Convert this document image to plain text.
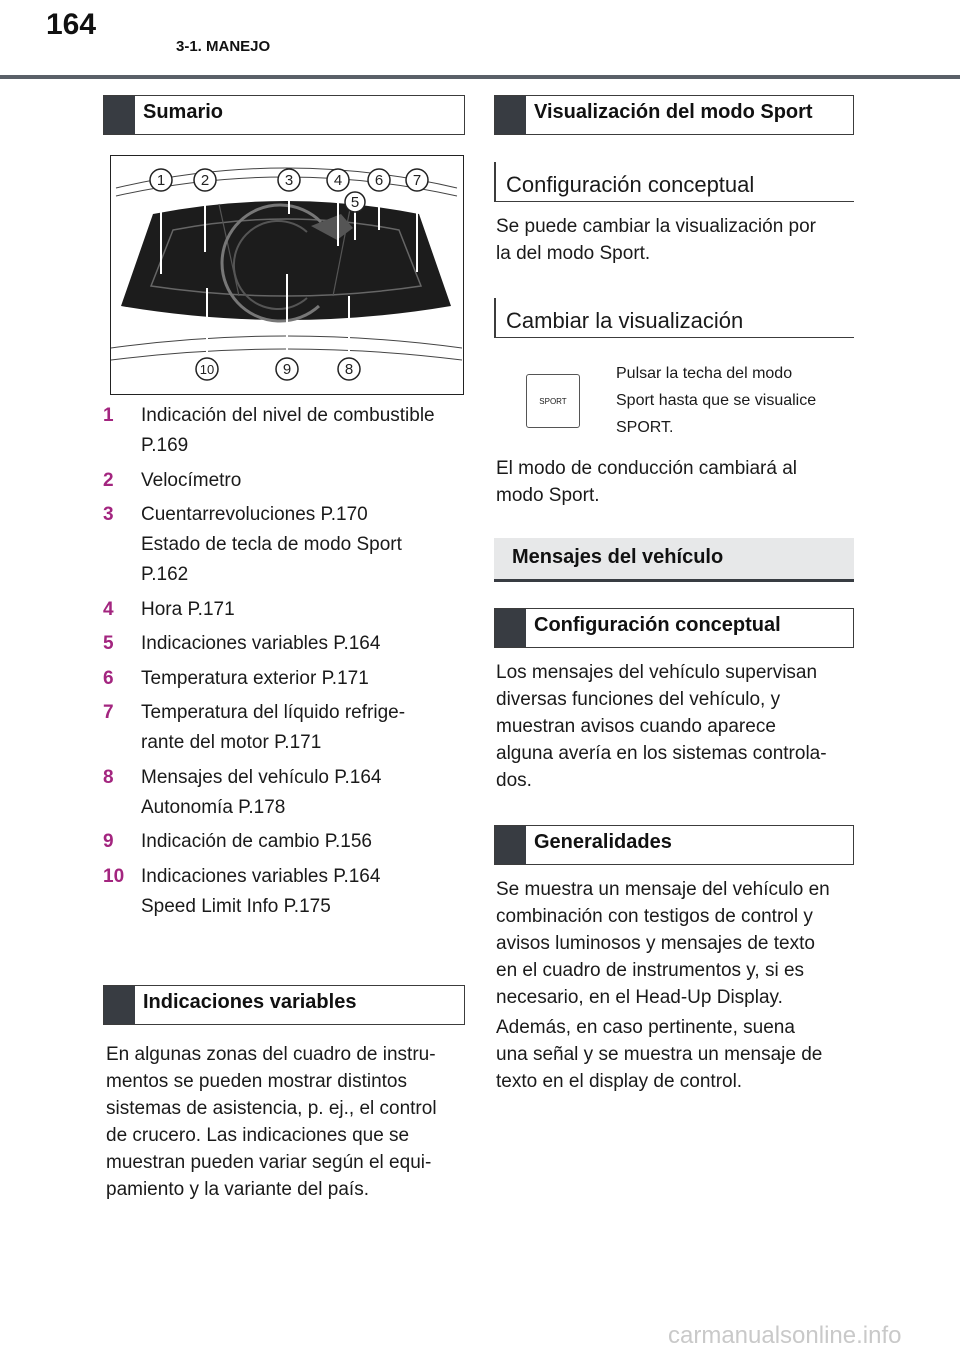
164
3-1. MANEJO
Sumario
1 2	3	4
5
6 7
8
9
10
1	Indicación del nivel de combustible
P.169
2	Velocímetro
3	Cuentarrevoluciones P.170
Estado de tecla de modo Sport
P.162
4	Hora P.171
5	Indicaciones variables P.164
6	Temperatura exterior P.171
7	Temperatura del líquido refrige-
rante del motor P.171
8	Mensajes del vehículo P.164
Autonomía P.178
9	Indicación de cambio P.156
10 Indicaciones variables P.164
Speed Limit Info P.175
Indicaciones variables

En algunas zonas del cuadro de instru-

mentos se pueden mostrar distintos

sistemas de asistencia, p. ej., el control

de crucero. Las indicaciones que se

muestran pueden variar según el equi-

pamiento y la variante del país.

Visualización del modo Sport
Configuración conceptual

Se puede cambiar la visualización por

la del modo Sport.

Cambiar la visualización
SPORT
Pulsar la techa del modo
Sport hasta que se visualice
SPORT.

El modo de conducción cambiará al

modo Sport.

Mensajes del vehículo
Configuración conceptual

Los mensajes del vehículo supervisan

diversas funciones del vehículo, y

muestran avisos cuando aparece

alguna avería en los sistemas controla-

dos.

Generalidades

Se muestra un mensaje del vehículo en

combinación con testigos de control y

avisos luminosos y mensajes de texto

en el cuadro de instrumentos y, si es

necesario, en el Head-Up Display.

Además, en caso pertinente, suena

una señal y se muestra un mensaje de

texto en el display de control.

carmanualsonline.info
